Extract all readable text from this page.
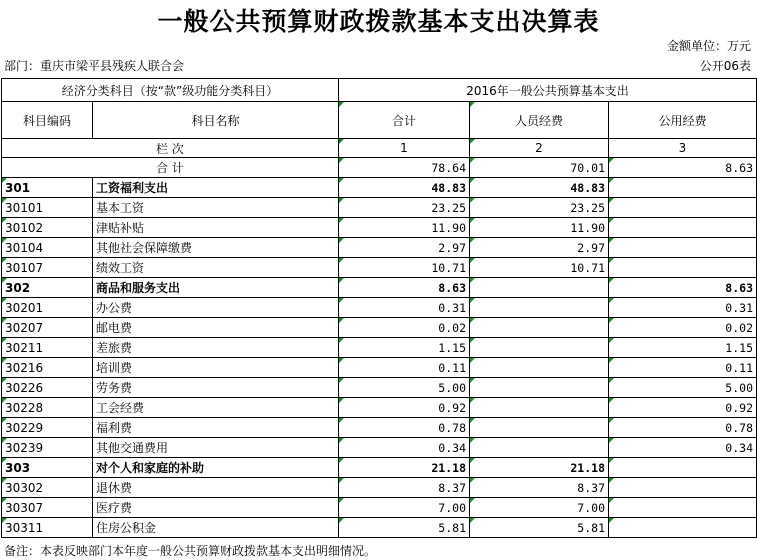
一般公共预算财政拨款基本支出决算表
金额单位：万元
部门：重庆市梁平县残疾人联合会	公开06表
经济分类科目（按“款”级功能分类科目）		2016年一般公共预算基本支出		
科目编码	科目名称	合计	人员经费	公用经费
栏 次		1	2	3
合 计		78.64	70.01	8.63
301	工资福利支出	48.83	48.83	
30101	基本工资	23.25	23.25	
30102	津贴补贴	11.90	11.90	
30104	其他社会保障缴费	2.97	2.97	
30107	绩效工资	10.71	10.71	
302	商品和服务支出	8.63		8.63
30201	办公费	0.31		0.31
30207	邮电费	0.02		0.02
30211	差旅费	1.15		1.15
30216	培训费	0.11		0.11
30226	劳务费	5.00		5.00
30228	工会经费	0.92		0.92
30229	福利费	0.78		0.78
30239	其他交通费用	0.34		0.34
303	对个人和家庭的补助	21.18	21.18	
30302	退休费	8.37	8.37	
30307	医疗费	7.00	7.00	
30311	住房公积金	5.81	5.81	
备注：本表反映部门本年度一般公共预算财政拨款基本支出明细情况。
